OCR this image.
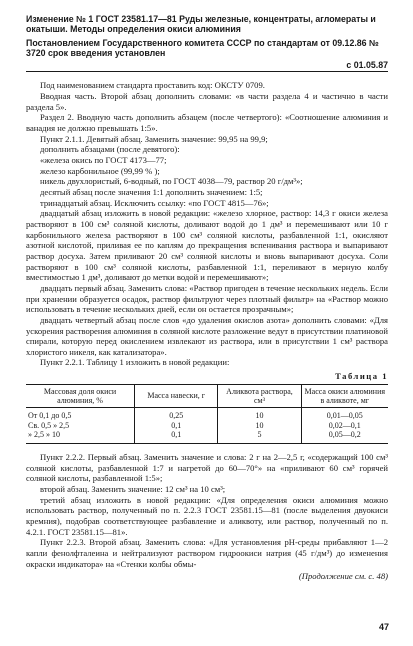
Изменение № 1 ГОСТ 23581.17—81 Руды железные, концентраты, агломераты и окатыши. Методы определения окиси алюминия
Постановлением Государственного комитета СССР по стандартам от 09.12.86 № 3720 срок введения установлен
с 01.05.87

Под наименованием стандарта проставить код: ОКСТУ 0709.

Вводная часть. Второй абзац дополнить словами: «в части раздела 4 и частично в части раздела 5».

Раздел 2. Вводную часть дополнить абзацем (после четвертого): «Соотношение алюминия и ванадия не должно превышать 1:5».

Пункт 2.1.1. Девятый абзац. Заменить значение: 99,95 на 99,9;

дополнить абзацами (после девятого):

«железа окись по ГОСТ 4173—77;

железо карбонильное (99,99 % );

никель двухлористый, 6-водный, по ГОСТ 4038—79, раствор 20 г/дм³»;

десятый абзац после значения 1:1 дополнить значением: 1:5;

тринадцатый абзац. Исключить ссылку: «по ГОСТ 4815—76»;

двадцатый абзац изложить в новой редакции: «железо хлорное, раствор: 14,3 г окиси железа растворяют в 100 см³ соляной кислоты, доливают водой до 1 дм³ и перемешивают или 10 г карбонильного железа растворяют в 100 см³ соляной кислоты, разбавленной 1:1, окисляют азотной кислотой, приливая ее по каплям до прекращения вспенивания раствора и выпаривают раствор досуха. Затем приливают 20 см³ соляной кислоты и вновь выпаривают досуха. Соли растворяют в 100 см³ соляной кислоты, разбавленной 1:1, переливают в мерную колбу вместимостью 1 дм³, доливают до метки водой и перемешивают»;

двадцать первый абзац. Заменить слова: «Раствор пригоден в течение нескольких недель. Если при хранении образуется осадок, раствор фильтруют через плотный фильтр» на «Раствор можно использовать в течение нескольких дней, если он остается прозрачным»;

двадцать четвертый абзац после слов «до удаления окислов азота» дополнить словами: «Для ускорения растворения алюминия в соляной кислоте разложение ведут в присутствии платиновой спирали, которую перед окислением извлекают из раствора, или в присутствии 1 см³ раствора хлористого никеля, как катализатора».

Пункт 2.2.1. Таблицу 1 изложить в новой редакции:

Таблица 1
Массовая доля окиси алюминия, %	Масса навески, г	Аликвота раствора, см³	Масса окиси алюминия в аликвоте, мг
От 0,1 до 0,5	0,25	10	0,01—0,05
Св. 0,5 » 2,5	0,1	10	0,02—0,1
» 2,5 » 10	0,1	5	0,05—0,2

Пункт 2.2.2. Первый абзац. Заменить значение и слова: 2 г на 2—2,5 г, «содержащий 100 см³ соляной кислоты, разбавленной 1:7 и нагретой до 60—70°» на «приливают 60 см³ горячей соляной кислоты, разбавленной 1:5»;

второй абзац. Заменить значение: 12 см³ на 10 см³;

третий абзац изложить в новой редакции: «Для определения окиси алюминия можно использовать раствор, полученный по п. 2.2.3 ГОСТ 23581.15—81 (после выделения двуокиси кремния), подобрав соответствующее разбавление и аликвоту, или раствор, полученный по п. 4.2.1. ГОСТ 23581.15—81».

Пункт 2.2.3. Второй абзац. Заменить слова: «Для установления pH-среды прибавляют 1—2 капли фенолфталеина и нейтрализуют раствором гидроокиси натрия (45 г/дм³) до изменения окраски индикатора» на «Стенки колбы обмы-

(Продолжение см. с. 48)

47
